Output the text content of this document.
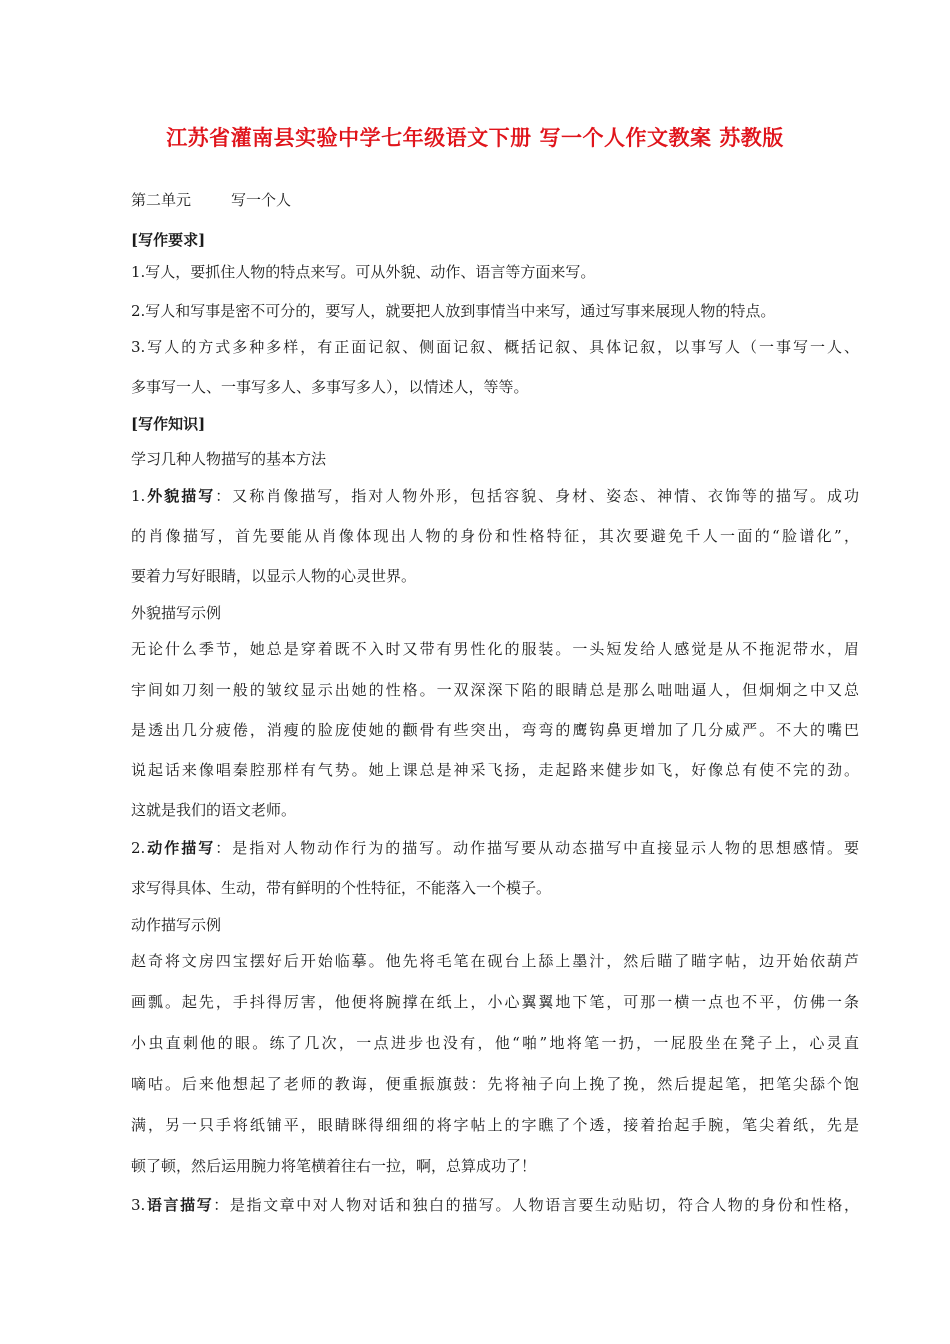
江苏省灌南县实验中学七年级语文下册 写一个人作文教案 苏教版
第二单元	写一个人
[写作要求]
1.写人，要抓住人物的特点来写。可从外貌、动作、语言等方面来写。
2.写人和写事是密不可分的，要写人，就要把人放到事情当中来写，通过写事来展现人物的特点。
3.写人的方式多种多样，有正面记叙、侧面记叙、概括记叙、具体记叙，以事写人（一事写一人、
多事写一人、一事写多人、多事写多人），以情述人，等等。
[写作知识]
学习几种人物描写的基本方法
1.外貌描写：又称肖像描写，指对人物外形，包括容貌、身材、姿态、神情、衣饰等的描写。成功
的肖像描写，首先要能从肖像体现出人物的身份和性格特征，其次要避免千人一面的“脸谱化”，
要着力写好眼睛，以显示人物的心灵世界。
外貌描写示例
无论什么季节，她总是穿着既不入时又带有男性化的服装。一头短发给人感觉是从不拖泥带水，眉
宇间如刀刻一般的皱纹显示出她的性格。一双深深下陷的眼睛总是那么咄咄逼人，但炯炯之中又总
是透出几分疲倦，消瘦的脸庞使她的颧骨有些突出，弯弯的鹰钩鼻更增加了几分威严。不大的嘴巴
说起话来像唱秦腔那样有气势。她上课总是神采飞扬，走起路来健步如飞，好像总有使不完的劲。
这就是我们的语文老师。
2.动作描写：是指对人物动作行为的描写。动作描写要从动态描写中直接显示人物的思想感情。要
求写得具体、生动，带有鲜明的个性特征，不能落入一个模子。
动作描写示例
赵奇将文房四宝摆好后开始临摹。他先将毛笔在砚台上舔上墨汁，然后瞄了瞄字帖，边开始依葫芦
画瓢。起先，手抖得厉害，他便将腕撑在纸上，小心翼翼地下笔，可那一横一点也不平，仿佛一条
小虫直刺他的眼。练了几次，一点进步也没有，他“啪”地将笔一扔，一屁股坐在凳子上，心灵直
嘀咕。后来他想起了老师的教诲，便重振旗鼓：先将袖子向上挽了挽，然后提起笔，把笔尖舔个饱
满，另一只手将纸铺平，眼睛眯得细细的将字帖上的字瞧了个透，接着抬起手腕，笔尖着纸，先是
顿了顿，然后运用腕力将笔横着往右一拉，啊，总算成功了！
3.语言描写：是指文章中对人物对话和独白的描写。人物语言要生动贴切，符合人物的身份和性格，
